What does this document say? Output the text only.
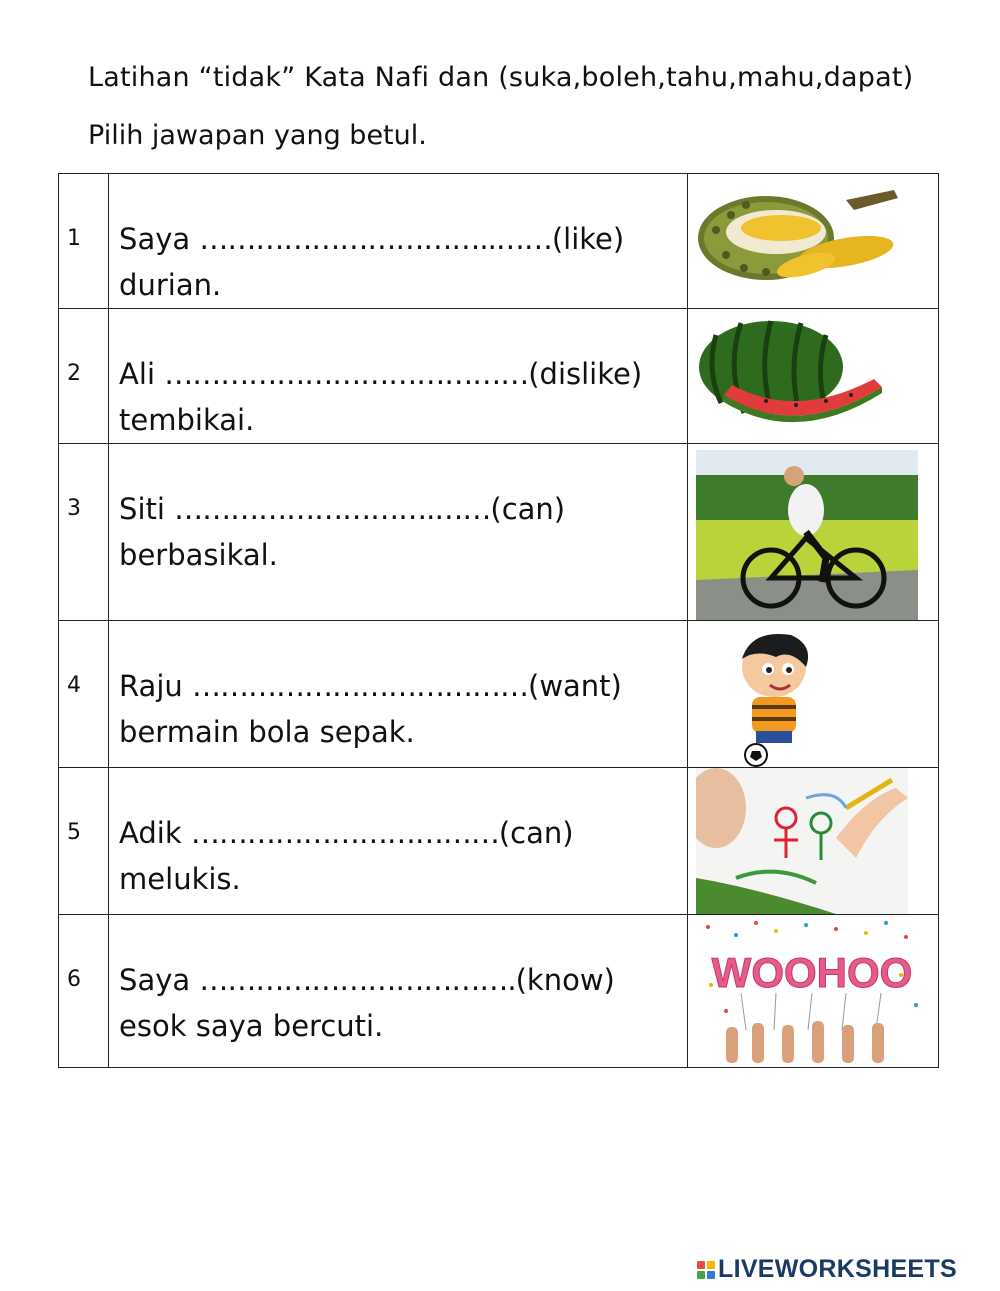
Latihan “tidak” Kata Nafi dan (suka,boleh,tahu,mahu,dapat)
Pilih jawapan yang betul.
1	Saya …………………………..……(like) durian.	

2	Ali …………………………………(dislike) tembikai.	

3	Siti ……………………….……(can) berbasikal.	

4	Raju ………………………………(want) bermain bola sepak.	

5	Adik ……………………………(can) melukis.	

6	Saya …………………………….(know) esok saya bercuti.	WOOHOO
LIVEWORKSHEETS
